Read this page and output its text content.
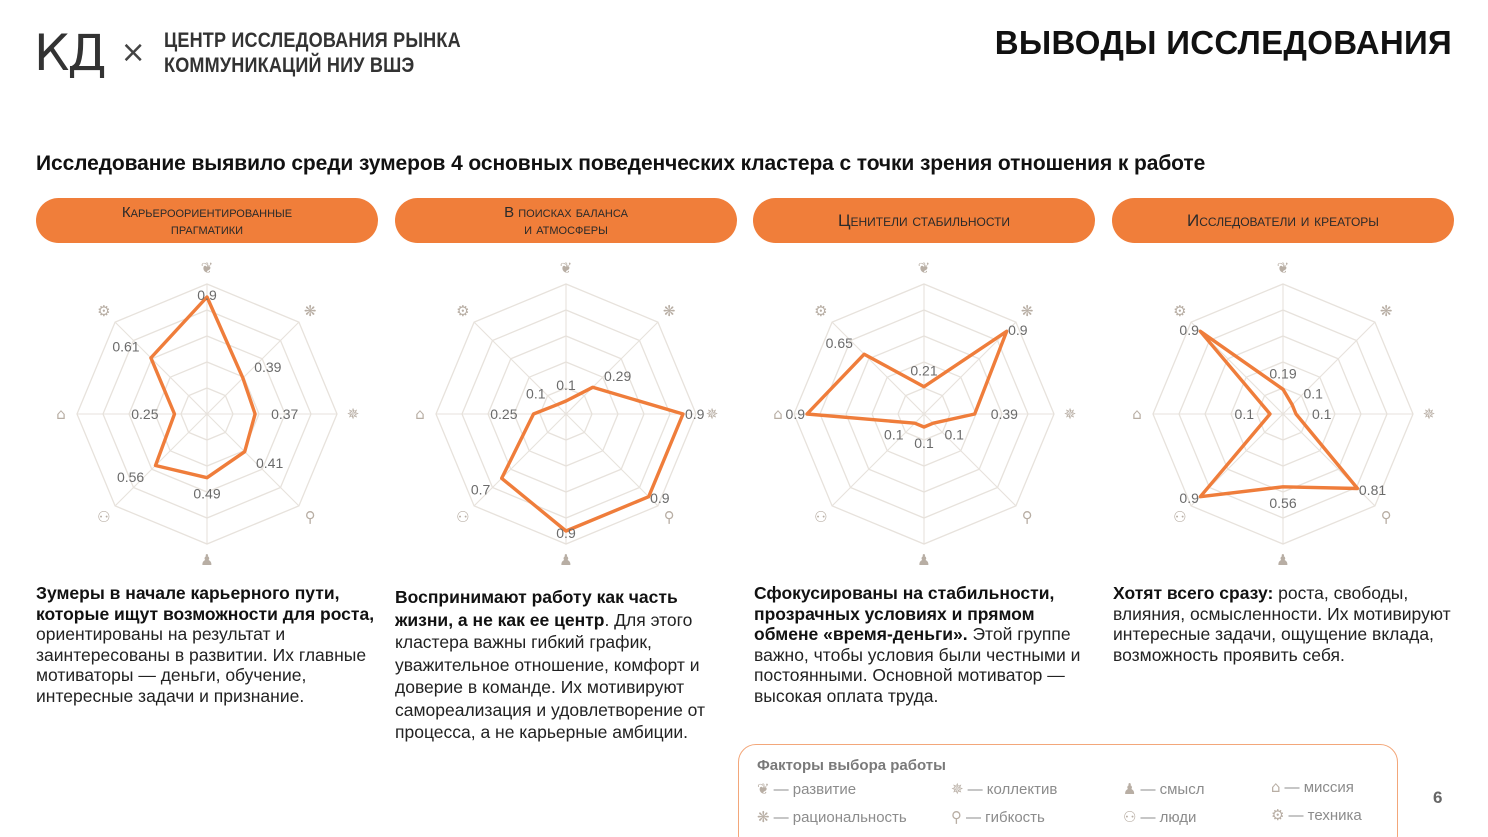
КД × ЦЕНТР ИССЛЕДОВАНИЯ РЫНКА
КОММУНИКАЦИЙ НИУ ВШЭ
ВЫВОДЫ ИССЛЕДОВАНИЯ
Исследование выявило среди зумеров 4 основных поведенческих кластера с точки зрения отношения к работе
Карьероориентированные
прагматики
В поисках баланса
и атмосферы	Ценители стабильности	Исследователи и креаторы
0.9
0.39
0.37
0.41
0.49
0.56
0.25
0.61
❦
❋
✵
⚲
♟
⚇
⌂
⚙
0.1
0.29
0.9
0.9
0.9
0.7
0.25
0.1
❦
❋
✵
⚲
♟
⚇
⌂
⚙
0.21
0.9
0.39
0.1
0.1
0.1
0.9
0.65
❦
❋
✵
⚲
♟
⚇
⌂
⚙
0.19
0.1
0.1
0.81
0.56
0.9
0.1
0.9
❦
❋
✵
⚲
♟
⚇
⌂
⚙
Зумеры в начале карьерного пути, которые ищут возможности для роста, ориентированы на результат и заинтересованы в развитии. Их главные мотиваторы — деньги, обучение, интересные задачи и признание.
Воспринимают работу как часть жизни, а не как ее центр. Для этого кластера важны гибкий график, уважительное отношение, комфорт и доверие в команде. Их мотивируют самореализация и удовлетворение от процесса, а не карьерные амбиции.
Сфокусированы на стабильности, прозрачных условиях и прямом обмене «время-деньги». Этой группе важно, чтобы условия были честными и постоянными. Основной мотиватор — высокая оплата труда.
Хотят всего сразу: роста, свободы, влияния, осмысленности. Их мотивируют интересные задачи, ощущение вклада, возможность проявить себя.
Факторы выбора работы
❦ — развитие
❋ — рациональность
✵ — коллектив
⚲ — гибкость
♟ — смысл
⚇ — люди
⌂ — миссия
⚙ — техника
6
